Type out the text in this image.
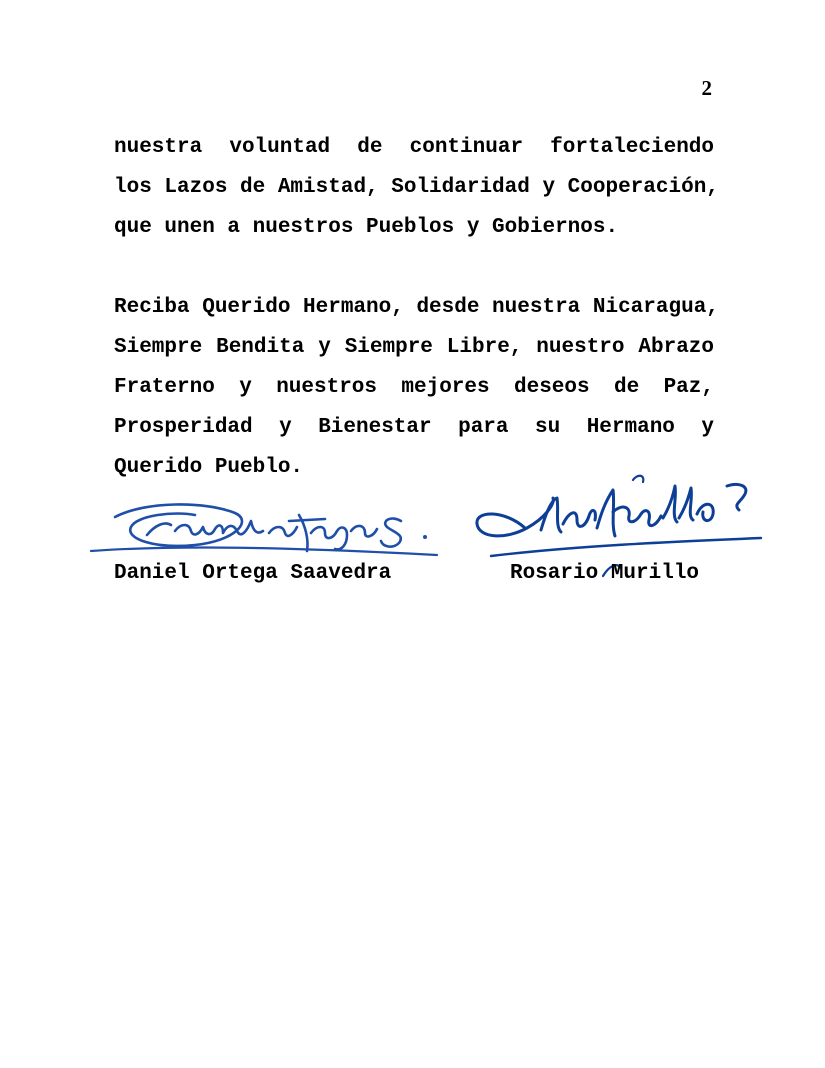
2
nuestra voluntad de continuar fortaleciendo
los Lazos de Amistad, Solidaridad y Cooperación,
que unen a nuestros Pueblos y Gobiernos.
Reciba Querido Hermano, desde nuestra Nicaragua,
Siempre Bendita y Siempre Libre, nuestro Abrazo
Fraterno y nuestros mejores deseos de Paz,
Prosperidad y Bienestar para su Hermano y
Querido Pueblo.
Daniel Ortega Saavedra	Rosario Murillo
